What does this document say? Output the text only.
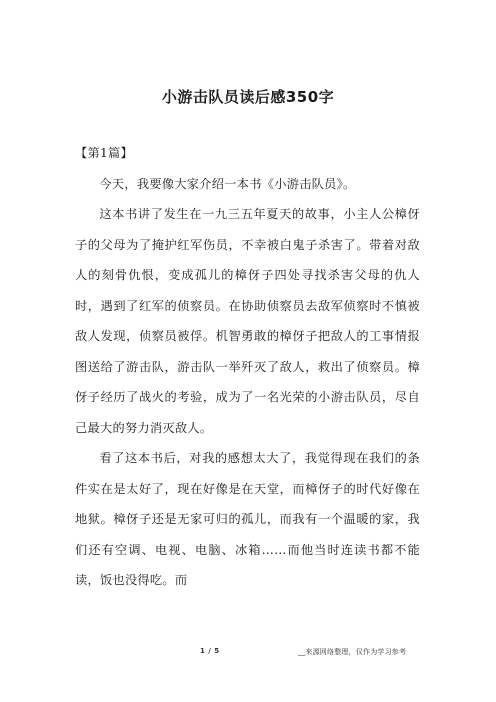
小游击队员读后感350字

【第1篇】

今天，我要像大家介绍一本书《小游击队员》。

这本书讲了发生在一九三五年夏天的故事，小主人公樟伢子的父母为了掩护红军伤员，不幸被白鬼子杀害了。带着对敌人的刻骨仇恨，变成孤儿的樟伢子四处寻找杀害父母的仇人时，遇到了红军的侦察员。在协助侦察员去敌军侦察时不慎被敌人发现，侦察员被俘。机智勇敢的樟伢子把敌人的工事情报图送给了游击队，游击队一举歼灭了敌人，救出了侦察员。樟伢子经历了战火的考验，成为了一名光荣的小游击队员，尽自己最大的努力消灭敌人。

看了这本书后，对我的感想太大了，我觉得现在我们的条件实在是太好了，现在好像是在天堂，而樟伢子的时代好像在地狱。樟伢子还是无家可归的孤儿，而我有一个温暖的家，我们还有空调、电视、电脑、冰箱……而他当时连读书都不能读，饭也没得吃。而

1 / 5	__来源网络整理，仅作为学习参考
